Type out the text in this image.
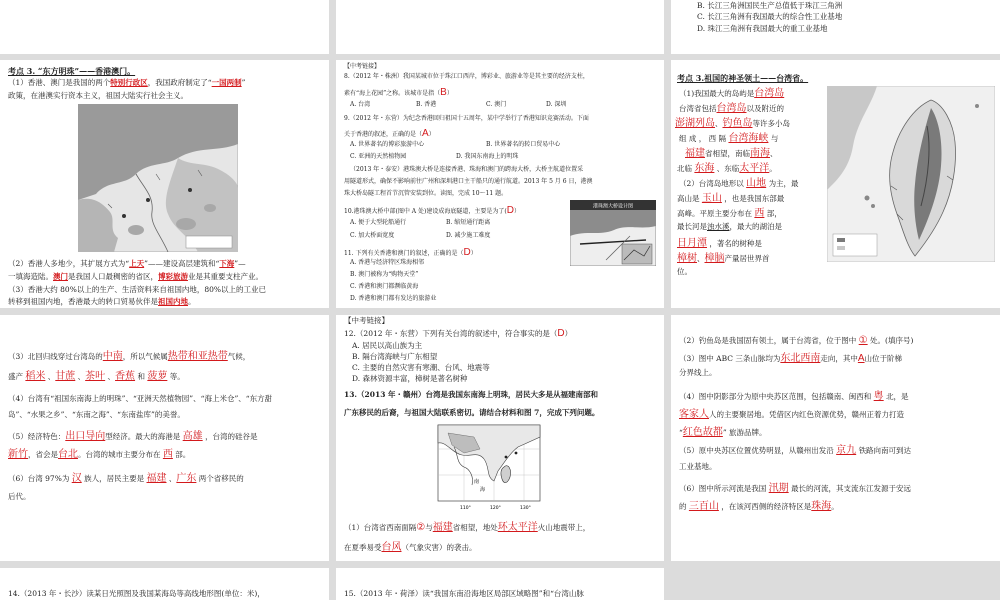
B. 长江三角洲国民生产总值低于珠江三角洲
C. 长江三角洲有我国最大的综合性工业基地
D. 珠江三角洲有我国最大的重工业基地
考点 3. “东方明珠”——香港澳门。
（1）香港、澳门是我国的两个特别行政区，我国政府制定了“一国两制”
政策，在港澳实行资本主义，祖国大陆实行社会主义。
（2）香港人多地少，其扩展方式为“上天”——建设高层建筑和“下海”—
一填海造陆。澳门是我国人口最稠密的省区，博彩旅游业是其重要支柱产业。
（3）香港大约 80%以上的生产、生活资料来自祖国内地，80%以上的工业已
转移到祖国内地，香港最大的转口贸易伙伴是祖国内地。
【中考链接】
8.（2012 年・株洲）我国某城市位于珠江口西岸，博彩业、旅游业等是其主要的经济支柱，
素有“海上花园”之称。该城市是指（B）
A. 台湾	B. 香港	C. 澳门	D. 深圳
9.（2012 年・东营）为纪念香港回归祖国十五周年，某中学举行了香港知识竞赛活动。下面
关于香港的叙述，正确的是（A）
A. 世界著名的博彩旅游中心	B. 世界著名的转口贸易中心
C. 亚洲的天然植物园	D. 我国东南海上的明珠
（2013 年・泰安）港珠澳大桥是连接香港、珠海和澳门的跨海大桥，大桥主航道位置采
用隧道形式，确保不影响前往广州和深圳港口主干船只的通行航道。2013 年 5 月 6 日，港澳
珠大桥岛隧工程首节沉管安装到位。读图，完成 10～11 题。
10.港珠澳大桥中部(图中 A 处)建设成海底隧道，主要是为了(D）
A. 便于大型轮船通行	B. 缩短通行距离
C. 加大桥面宽度	D. 减少施工难度
11. 下列有关香港和澳门的叙述，正确的是（D）
A. 香港与经济特区珠海相邻
B. 澳门被称为“购物天堂”
C. 香港和澳门都濒临黄海
D. 香港和澳门都有发达的旅游业
港珠澳大桥设计图
考点 3.祖国的神圣领土——台湾省。
（1)我国最大的岛屿是台湾岛
台湾省包括台湾岛以及附近的
澎湖列岛、钓鱼岛等许多小岛
组 成 ， 西 隔 台湾海峡 与
福建省相望，南临南海、
北临 东海 、东临太平洋。
（2）台湾岛地形以 山地 为主，最
高山是 玉山 ，也是我国东部最
高峰。平原主要分布在 西 部，
最长河是浊水溪，最大的湖泊是
日月潭 ，著名的树种是
樟树、樟脑产量居世界首
位。
（3）北回归线穿过台湾岛的中南，所以气候属热带和亚热带气候，
盛产 稻米 、甘蔗 、茶叶 、香蕉 和 菠萝 等。
（4）台湾有“祖国东南海上的明珠”、“亚洲天然植物园”、“海上米仓”、“东方甜
岛”、“水果之乡”、“东南之海”、“东南盐库”的美誉。
（5）经济特色：出口导向型经济。最大的海港是 高雄 ，台湾的硅谷是
新竹，省会是台北。台湾的城市主要分布在 西 部。
（6）台湾 97%为 汉 族人，居民主要是 福建 、广东 两个省移民的
后代。
【中考链接】
12.（2012 年・东营）下列有关台湾的叙述中，符合事实的是（D）
A. 居民以高山族为主
B. 隔台湾海峡与广东相望
C. 主要的自然灾害有寒潮、台风、地震等
D. 森林资源丰富，樟树是著名树种
13.（2013 年・赣州）台湾是我国东南海上明珠，居民大多是从福建南部和
广东移民的后裔，与祖国大陆联系密切。请结合材料和图 7，完成下列问题。
南
海
110°	120°	130°
（1）台湾省西南面隔②与福建省相望，地处环太平洋火山地震带上，
在夏季易受台风（气象灾害）的袭击。
（2）钓鱼岛是我国固有领土，属于台湾省，位于图中 ① 处。(填序号)
（3）图中 ABC 三条山脉均为东北西南走向，其中A山位于阶梯
分界线上。
（4）图中阴影部分为原中央苏区范围，包括赣南、闽西和 粤 北，是
客家人人的主要聚居地。凭借区内红色资源优势，赣州正着力打造
“红色故都” 旅游品牌。
（5）原中央苏区位置优势明显，从赣州出发沿 京九 铁路向南可到达
工业基地。
（6）图中所示河流是我国 汛期 最长的河流，其支流东江发源于安远
的 三百山 ，在该河西侧的经济特区是珠海。
14.（2013 年・长沙）读某日光照图及我国某海岛等高线地形图(单位：米)，	15.（2013 年・荷泽）读“我国东南沿海地区局部区域略图”和“台湾山脉
